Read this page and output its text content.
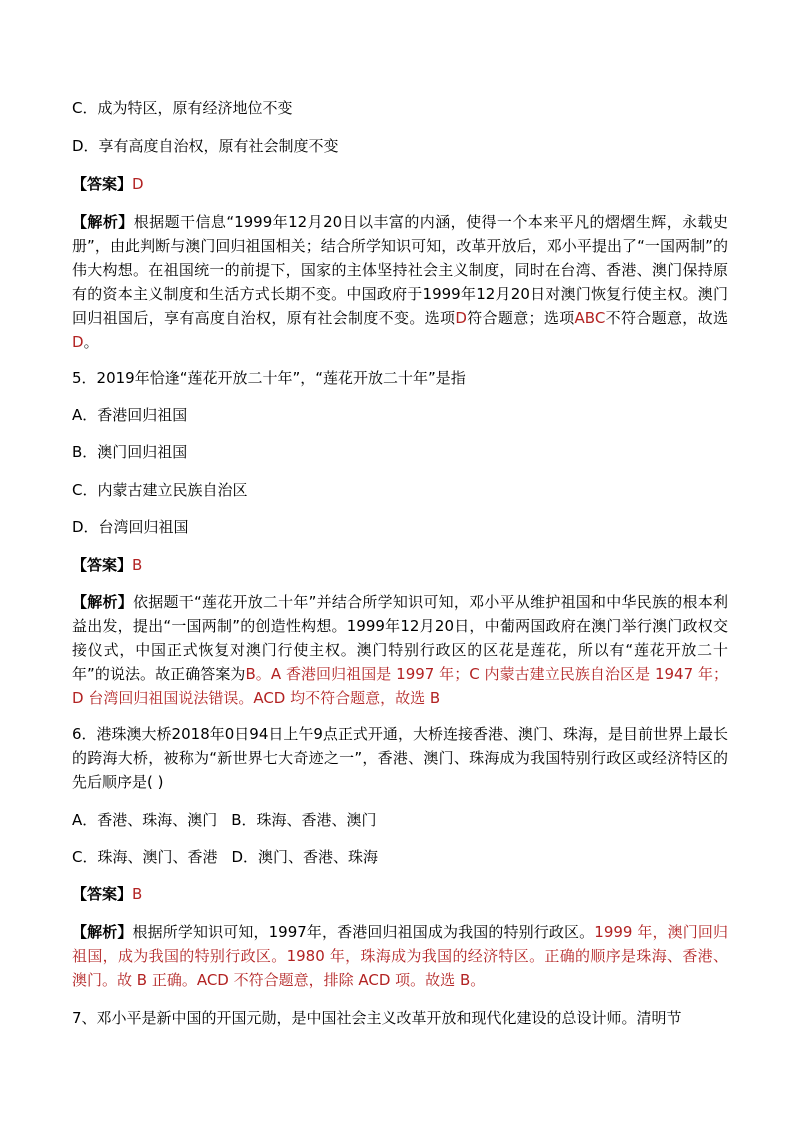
C．成为特区，原有经济地位不变

D．享有高度自治权，原有社会制度不变

【答案】D

【解析】根据题干信息“1999年12月20日以丰富的内涵，使得一个本来平凡的熠熠生辉，永载史册”，由此判断与澳门回归祖国相关；结合所学知识可知，改革开放后，邓小平提出了“一国两制”的伟大构想。在祖国统一的前提下，国家的主体坚持社会主义制度，同时在台湾、香港、澳门保持原有的资本主义制度和生活方式长期不变。中国政府于1999年12月20日对澳门恢复行使主权。澳门回归祖国后，享有高度自治权，原有社会制度不变。选项D符合题意；选项ABC不符合题意，故选D。

5．2019年恰逢“莲花开放二十年”，“莲花开放二十年”是指

A．香港回归祖国

B．澳门回归祖国

C．内蒙古建立民族自治区

D．台湾回归祖国

【答案】B

【解析】依据题干“莲花开放二十年”并结合所学知识可知，邓小平从维护祖国和中华民族的根本利益出发，提出“一国两制”的创造性构想。1999年12月20日，中葡两国政府在澳门举行澳门政权交接仪式，中国正式恢复对澳门行使主权。澳门特别行政区的区花是莲花，所以有“莲花开放二十年”的说法。故正确答案为B。A 香港回归祖国是 1997 年；C 内蒙古建立民族自治区是 1947 年；D 台湾回归祖国说法错误。ACD 均不符合题意，故选 B

6．港珠澳大桥2018年0日94日上午9点正式开通，大桥连接香港、澳门、珠海，是目前世界上最长的跨海大桥，被称为“新世界七大奇迹之一”，香港、澳门、珠海成为我国特别行政区或经济特区的先后顺序是( )

A．香港、珠海、澳门 B．珠海、香港、澳门

C．珠海、澳门、香港 D．澳门、香港、珠海

【答案】B

【解析】根据所学知识可知，1997年，香港回归祖国成为我国的特别行政区。1999 年，澳门回归祖国，成为我国的特别行政区。1980 年，珠海成为我国的经济特区。正确的顺序是珠海、香港、澳门。故 B 正确。ACD 不符合题意，排除 ACD 项。故选 B。

7、邓小平是新中国的开国元勋，是中国社会主义改革开放和现代化建设的总设计师。清明节
